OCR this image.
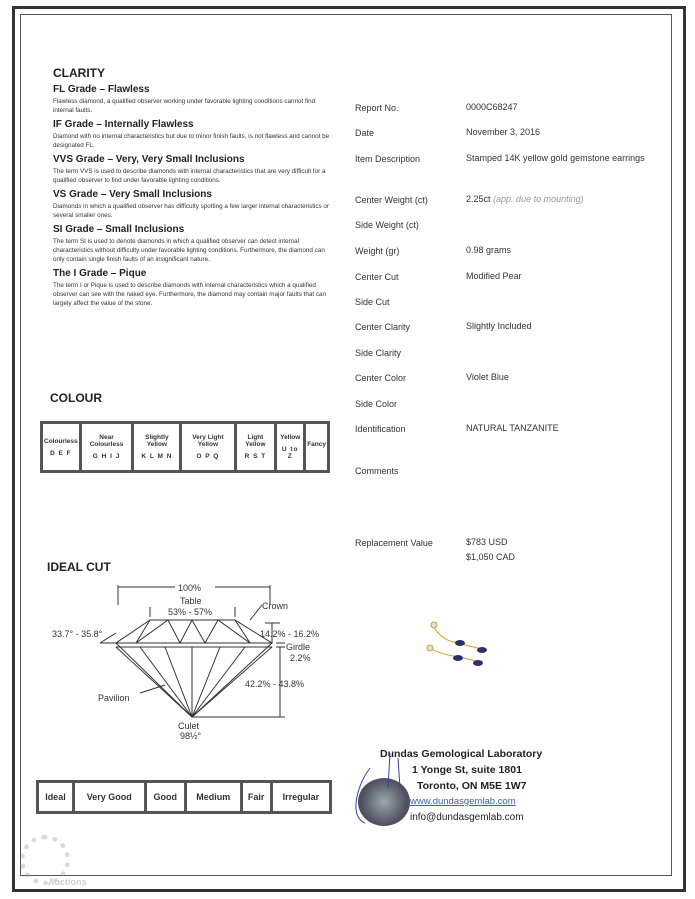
CLARITY
FL Grade – Flawless
Flawless diamond, a qualified observer working under favorable lighting conditions cannot find internal faults.
IF Grade – Internally Flawless
Diamond with no internal characteristics but due to minor finish faults, is not flawless and cannot be designated FL.
VVS Grade – Very, Very Small Inclusions
The term VVS is used to describe diamonds with internal characteristics that are very difficult for a qualified observer to find under favorable lighting conditions.
VS Grade – Very Small Inclusions
Diamonds in which a qualified observer has difficulty spotting a few larger internal characteristics or several smaller ones.
SI Grade – Small Inclusions
The term SI is used to denote diamonds in which a qualified observer can detect internal characteristics without difficulty under favorable lighting conditions. Furthermore, the diamond can only contain single finish faults of an insignificant nature.
The I Grade – Pique
The term I or Pique is used to describe diamonds with internal characteristics which a qualified observer can see with the naked eye. Furthermore, the diamond may contain major faults that can largely affect the value of the stone.
COLOUR
Colourless
D E F

Near Colourless
G H I J

Slightly Yellow
K L M N

Very Light Yellow
O P Q

Light Yellow
R S T

Yellow
U to Z

Fancy
IDEAL CUT
100%
Table
53% - 57%
Crown
33.7° - 35.8°	14.2% - 16.2%
Girdle
2.2%
42.2% - 43.8%
Pavilion
Culet
98½°
Ideal	Very Good	Good	Medium	Fair	Irregular
Report No.	0000C68247
Date	November 3, 2016
Item Description	Stamped 14K yellow gold gemstone earrings
Center Weight (ct)	2.25ct (app. due to mounting)
Side Weight (ct)
Weight (gr)	0.98 grams
Center Cut	Modified Pear
Side Cut
Center Clarity	Slightly Included
Side Clarity
Center Color	Violet Blue
Side Color
Identification	NATURAL TANZANITE
Comments
Replacement Value	$783 USD
$1,050 CAD
Dundas Gemological Laboratory
1 Yonge St, suite 1801
Toronto, ON M5E 1W7
www.dundasgemlab.com
info@dundasgemlab.com
Auctions
